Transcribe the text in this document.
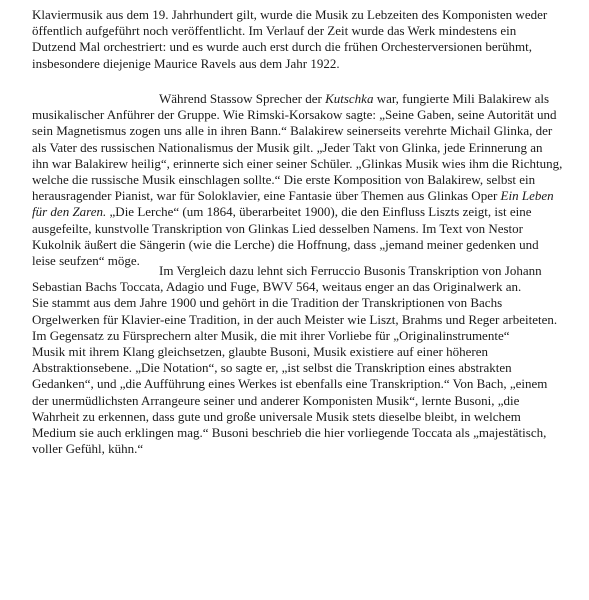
Klaviermusik aus dem 19. Jahrhundert gilt, wurde die Musik zu Lebzeiten des Komponisten weder
öffentlich aufgeführt noch veröffentlicht. Im Verlauf der Zeit wurde das Werk mindestens ein
Dutzend Mal orchestriert: und es wurde auch erst durch die frühen Orchesterversionen berühmt,
insbesondere diejenige Maurice Ravels aus dem Jahr 1922.

Während Stassow Sprecher der Kutschka war, fungierte Mili Balakirew als
musikalischer Anführer der Gruppe. Wie Rimski-Korsakow sagte: „Seine Gaben, seine Autorität und
sein Magnetismus zogen uns alle in ihren Bann.“ Balakirew seinerseits verehrte Michail Glinka, der
als Vater des russischen Nationalismus der Musik gilt. „Jeder Takt von Glinka, jede Erinnerung an
ihn war Balakirew heilig“, erinnerte sich einer seiner Schüler. „Glinkas Musik wies ihm die Richtung,
welche die russische Musik einschlagen sollte.“ Die erste Komposition von Balakirew, selbst ein
herausragender Pianist, war für Soloklavier, eine Fantasie über Themen aus Glinkas Oper Ein Leben
für den Zaren. „Die Lerche“ (um 1864, überarbeitet 1900), die den Einfluss Liszts zeigt, ist eine
ausgefeilte, kunstvolle Transkription von Glinkas Lied desselben Namens. Im Text von Nestor
Kukolnik äußert die Sängerin (wie die Lerche) die Hoffnung, dass „jemand meiner gedenken und
leise seufzen“ möge.

Im Vergleich dazu lehnt sich Ferruccio Busonis Transkription von Johann
Sebastian Bachs Toccata, Adagio und Fuge, BWV 564, weitaus enger an das Originalwerk an.
Sie stammt aus dem Jahre 1900 und gehört in die Tradition der Transkriptionen von Bachs
Orgelwerken für Klavier-eine Tradition, in der auch Meister wie Liszt, Brahms und Reger arbeiteten.
Im Gegensatz zu Fürsprechern alter Musik, die mit ihrer Vorliebe für „Originalinstrumente“
Musik mit ihrem Klang gleichsetzen, glaubte Busoni, Musik existiere auf einer höheren
Abstraktionsebene. „Die Notation“, so sagte er, „ist selbst die Transkription eines abstrakten
Gedanken“, und „die Aufführung eines Werkes ist ebenfalls eine Transkription.“ Von Bach, „einem
der unermüdlichsten Arrangeure seiner und anderer Komponisten Musik“, lernte Busoni, „die
Wahrheit zu erkennen, dass gute und große universale Musik stets dieselbe bleibt, in welchem
Medium sie auch erklingen mag.“ Busoni beschrieb die hier vorliegende Toccata als „majestätisch,
voller Gefühl, kühn.“
